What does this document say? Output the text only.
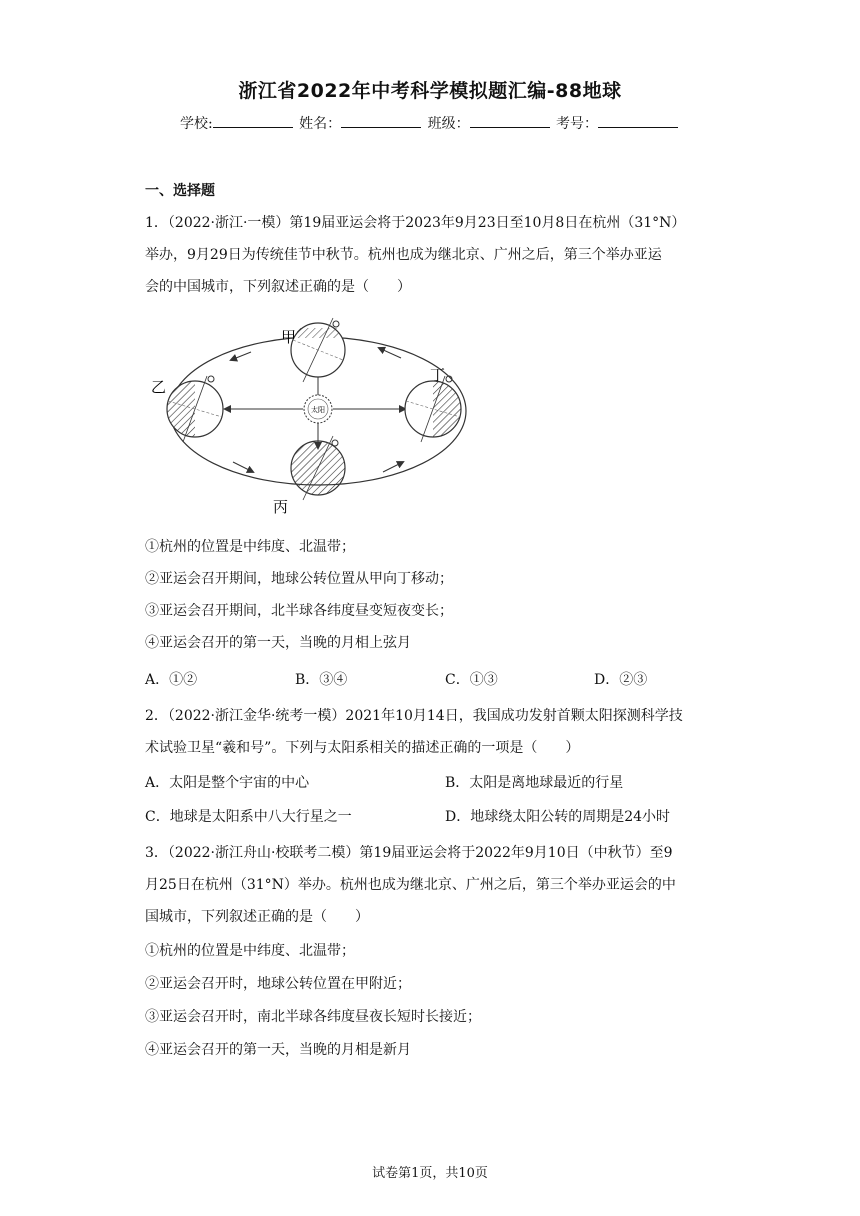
浙江省2022年中考科学模拟题汇编-88地球
学校:	姓名：	班级：	考号：
一、选择题
1．（2022·浙江·一模）第19届亚运会将于2023年9月23日至10月8日在杭州（31°N）
举办，9月29日为传统佳节中秋节。杭州也成为继北京、广州之后，第三个举办亚运
会的中国城市，下列叙述正确的是（　　）
太阳
甲
乙
丁
丙
①杭州的位置是中纬度、北温带；
②亚运会召开期间，地球公转位置从甲向丁移动；
③亚运会召开期间，北半球各纬度昼变短夜变长；
④亚运会召开的第一天，当晚的月相上弦月
A．①②	B．③④	C．①③	D．②③
2．（2022·浙江金华·统考一模）2021年10月14日，我国成功发射首颗太阳探测科学技
术试验卫星“羲和号”。下列与太阳系相关的描述正确的一项是（　　）
A．太阳是整个宇宙的中心	B．太阳是离地球最近的行星
C．地球是太阳系中八大行星之一	D．地球绕太阳公转的周期是24小时
3．（2022·浙江舟山·校联考二模）第19届亚运会将于2022年9月10日（中秋节）至9
月25日在杭州（31°N）举办。杭州也成为继北京、广州之后，第三个举办亚运会的中
国城市，下列叙述正确的是（　　）
①杭州的位置是中纬度、北温带；
②亚运会召开时，地球公转位置在甲附近；
③亚运会召开时，南北半球各纬度昼夜长短时长接近；
④亚运会召开的第一天，当晚的月相是新月
试卷第1页，共10页
